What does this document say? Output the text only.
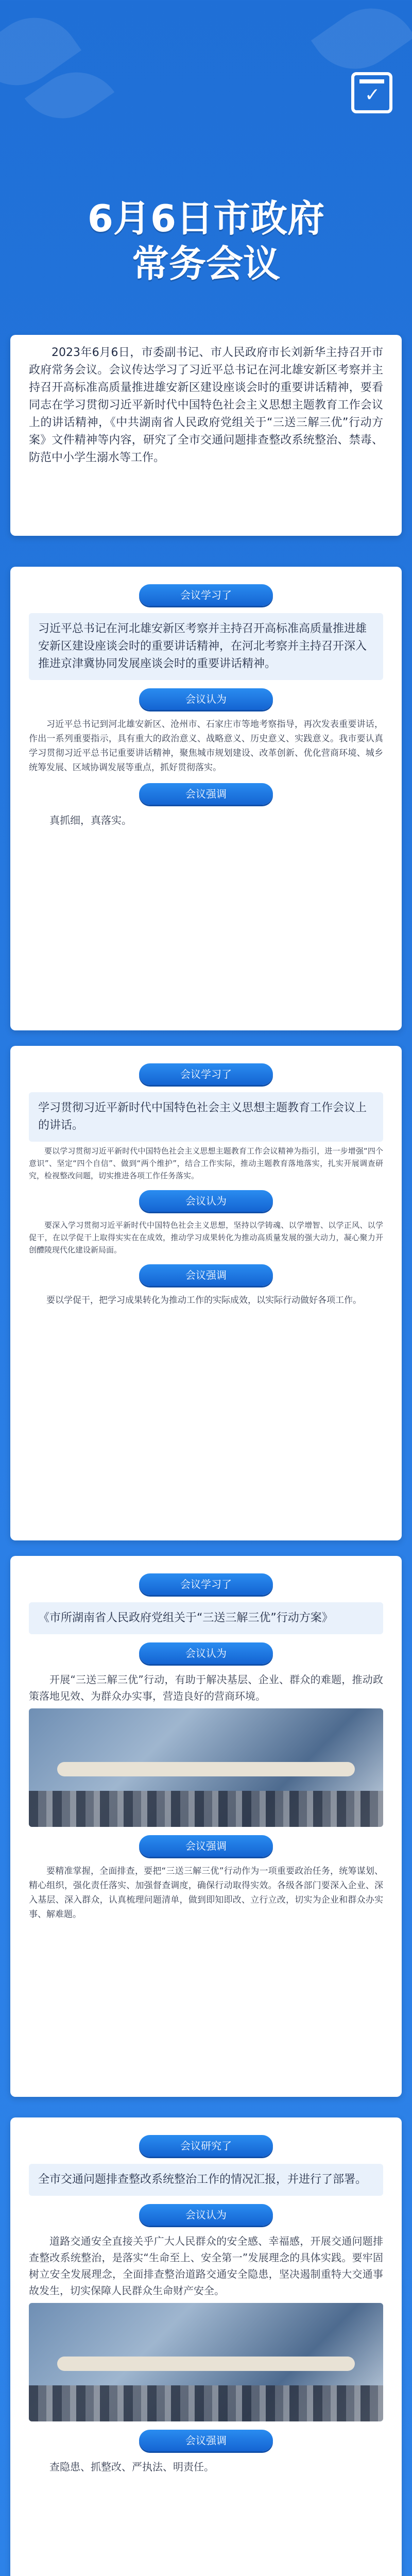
✓
6月6日市政府
常务会议
2023年6月6日，市委副书记、市人民政府市长刘新华主持召开市政府常务会议。会议传达学习了习近平总书记在河北雄安新区考察并主持召开高标准高质量推进雄安新区建设座谈会时的重要讲话精神，要看同志在学习贯彻习近平新时代中国特色社会主义思想主题教育工作会议上的讲话精神，《中共湖南省人民政府党组关于“三送三解三优”行动方案》文件精神等内容，研究了全市交通问题排查整改系统整治、禁毒、防范中小学生溺水等工作。
会议学习了
习近平总书记在河北雄安新区考察并主持召开高标准高质量推进雄安新区建设座谈会时的重要讲话精神，在河北考察并主持召开深入推进京津冀协同发展座谈会时的重要讲话精神。
会议认为
习近平总书记到河北雄安新区、沧州市、石家庄市等地考察指导，再次发表重要讲话，作出一系列重要指示，具有重大的政治意义、战略意义、历史意义、实践意义。我市要认真学习贯彻习近平总书记重要讲话精神，聚焦城市规划建设、改革创新、优化营商环境、城乡统筹发展、区域协调发展等重点，抓好贯彻落实。
会议强调
真抓细，真落实。
会议学习了
学习贯彻习近平新时代中国特色社会主义思想主题教育工作会议上的讲话。
要以学习贯彻习近平新时代中国特色社会主义思想主题教育工作会议精神为指引，进一步增强“四个意识”、坚定“四个自信”、做到“两个维护”，结合工作实际，推动主题教育落地落实，扎实开展调查研究，检视整改问题，切实推进各项工作任务落实。
会议认为
要深入学习贯彻习近平新时代中国特色社会主义思想，坚持以学铸魂、以学增智、以学正风、以学促干，在以学促干上取得实实在在成效，推动学习成果转化为推动高质量发展的强大动力，凝心聚力开创醴陵现代化建设新局面。
会议强调
要以学促干，把学习成果转化为推动工作的实际成效，以实际行动做好各项工作。
会议学习了
《市所湖南省人民政府党组关于“三送三解三优”行动方案》
会议认为
开展“三送三解三优”行动，有助于解决基层、企业、群众的难题，推动政策落地见效、为群众办实事，营造良好的营商环境。
会议强调
要精准掌握，全面排查，要把“三送三解三优”行动作为一项重要政治任务，统筹谋划、精心组织，强化责任落实、加强督查调度，确保行动取得实效。各级各部门要深入企业、深入基层、深入群众，认真梳理问题清单，做到即知即改、立行立改，切实为企业和群众办实事、解难题。
会议研究了
全市交通问题排查整改系统整治工作的情况汇报，并进行了部署。
会议认为
道路交通安全直接关乎广大人民群众的安全感、幸福感，开展交通问题排查整改系统整治，是落实“生命至上、安全第一”发展理念的具体实践。要牢固树立安全发展理念，全面排查整治道路交通安全隐患，坚决遏制重特大交通事故发生，切实保障人民群众生命财产安全。
会议强调
查隐患、抓整改、严执法、明责任。
